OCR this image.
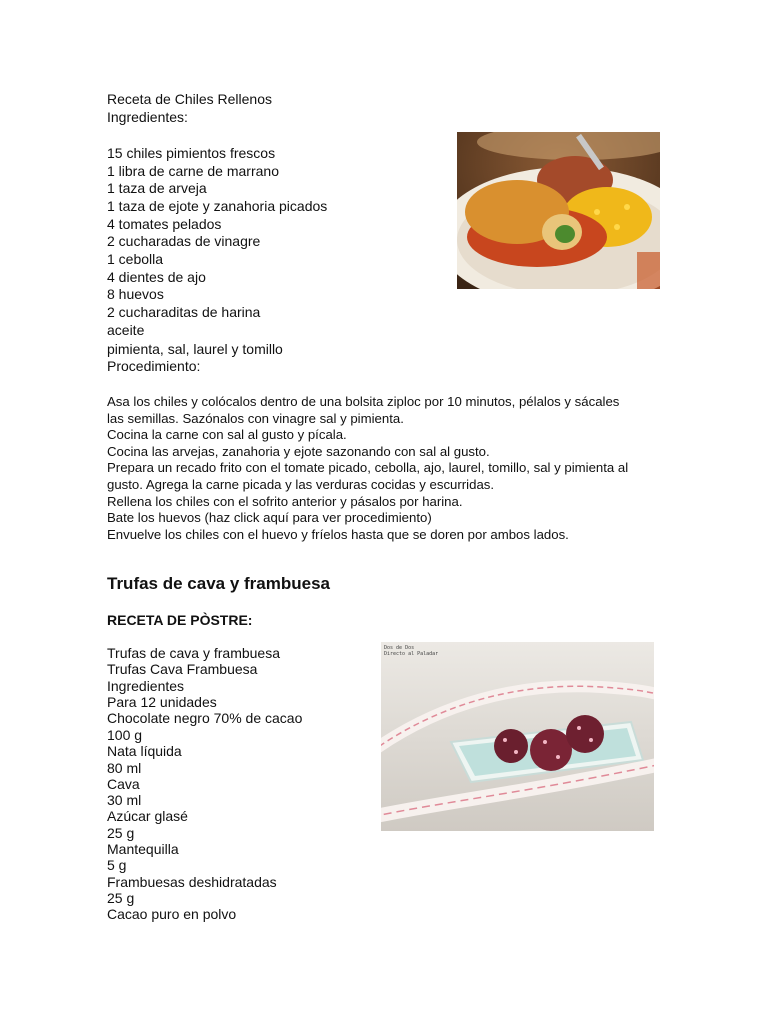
Receta de Chiles Rellenos
Ingredientes:
15 chiles pimientos frescos
1 libra de carne de marrano
1 taza de arveja
1 taza de ejote y zanahoria picados
4 tomates pelados
2 cucharadas de vinagre
1 cebolla
4 dientes de ajo
8 huevos
2 cucharaditas de harina
aceite
pimienta, sal, laurel y tomillo
Procedimiento:
Asa los chiles y colócalos dentro de una bolsita ziploc por 10 minutos, pélalos y sácales
las semillas. Sazónalos con vinagre sal y pimienta.
Cocina la carne con sal al gusto y pícala.
Cocina las arvejas, zanahoria y ejote sazonando con sal al gusto.
Prepara un recado frito con el tomate picado, cebolla, ajo, laurel, tomillo, sal y pimienta al
gusto. Agrega la carne picada y las verduras cocidas y escurridas.
Rellena los chiles con el sofrito anterior y pásalos por harina.
Bate los huevos (haz click aquí para ver procedimiento)
Envuelve los chiles con el huevo y fríelos hasta que se doren por ambos lados.
Trufas de cava y frambuesa
RECETA DE PÒSTRE:
Trufas de cava y frambuesa
Trufas Cava Frambuesa
Ingredientes
Para 12 unidades
Chocolate negro 70% de cacao
100 g
Nata líquida
80 ml
Cava
30 ml
Azúcar glasé
25 g
Mantequilla
5 g
Frambuesas deshidratadas
25 g
Cacao puro en polvo
Dos de Dos
Directo al Paladar
